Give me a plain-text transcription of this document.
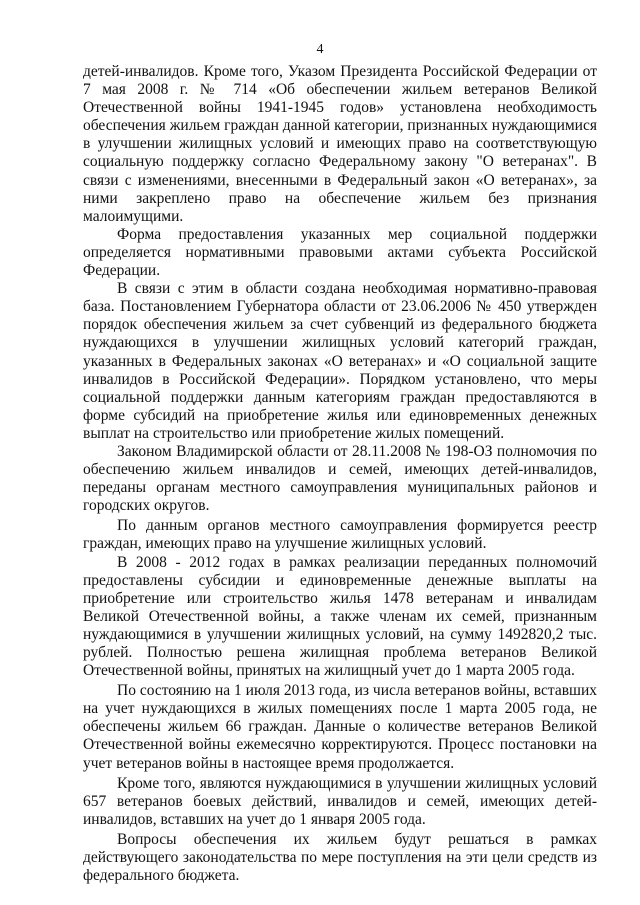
4

детей-инвалидов. Кроме того, Указом Президента Российской Федерации от 7 мая 2008 г. № 714 «Об обеспечении жильем ветеранов Великой Отечественной войны 1941-1945 годов» установлена необходимость обеспечения жильем граждан данной категории, признанных нуждающимися в улучшении жилищных условий и имеющих право на соответствующую социальную поддержку согласно Федеральному закону "О ветеранах". В связи с изменениями, внесенными в Федеральный закон «О ветеранах», за ними закреплено право на обеспечение жильем без признания малоимущими.

Форма предоставления указанных мер социальной поддержки определяется нормативными правовыми актами субъекта Российской Федерации.

В связи с этим в области создана необходимая нормативно-правовая база. Постановлением Губернатора области от 23.06.2006 № 450 утвержден порядок обеспечения жильем за счет субвенций из федерального бюджета нуждающихся в улучшении жилищных условий категорий граждан, указанных в Федеральных законах «О ветеранах» и «О социальной защите инвалидов в Российской Федерации». Порядком установлено, что меры социальной поддержки данным категориям граждан предоставляются в форме субсидий на приобретение жилья или единовременных денежных выплат на строительство или приобретение жилых помещений.

Законом Владимирской области от 28.11.2008 № 198-ОЗ полномочия по обеспечению жильем инвалидов и семей, имеющих детей-инвалидов, переданы органам местного самоуправления муниципальных районов и городских округов.

По данным органов местного самоуправления формируется реестр граждан, имеющих право на улучшение жилищных условий.

В 2008 - 2012 годах в рамках реализации переданных полномочий предоставлены субсидии и единовременные денежные выплаты на приобретение или строительство жилья 1478 ветеранам и инвалидам Великой Отечественной войны, а также членам их семей, признанным нуждающимися в улучшении жилищных условий, на сумму 1492820,2 тыс. рублей. Полностью решена жилищная проблема ветеранов Великой Отечественной войны, принятых на жилищный учет до 1 марта 2005 года.

По состоянию на 1 июля 2013 года, из числа ветеранов войны, вставших на учет нуждающихся в жилых помещениях после 1 марта 2005 года, не обеспечены жильем 66 граждан. Данные о количестве ветеранов Великой Отечественной войны ежемесячно корректируются. Процесс постановки на учет ветеранов войны в настоящее время продолжается.

Кроме того, являются нуждающимися в улучшении жилищных условий 657 ветеранов боевых действий, инвалидов и семей, имеющих детей-инвалидов, вставших на учет до 1 января 2005 года.

Вопросы обеспечения их жильем будут решаться в рамках действующего законодательства по мере поступления на эти цели средств из федерального бюджета.
